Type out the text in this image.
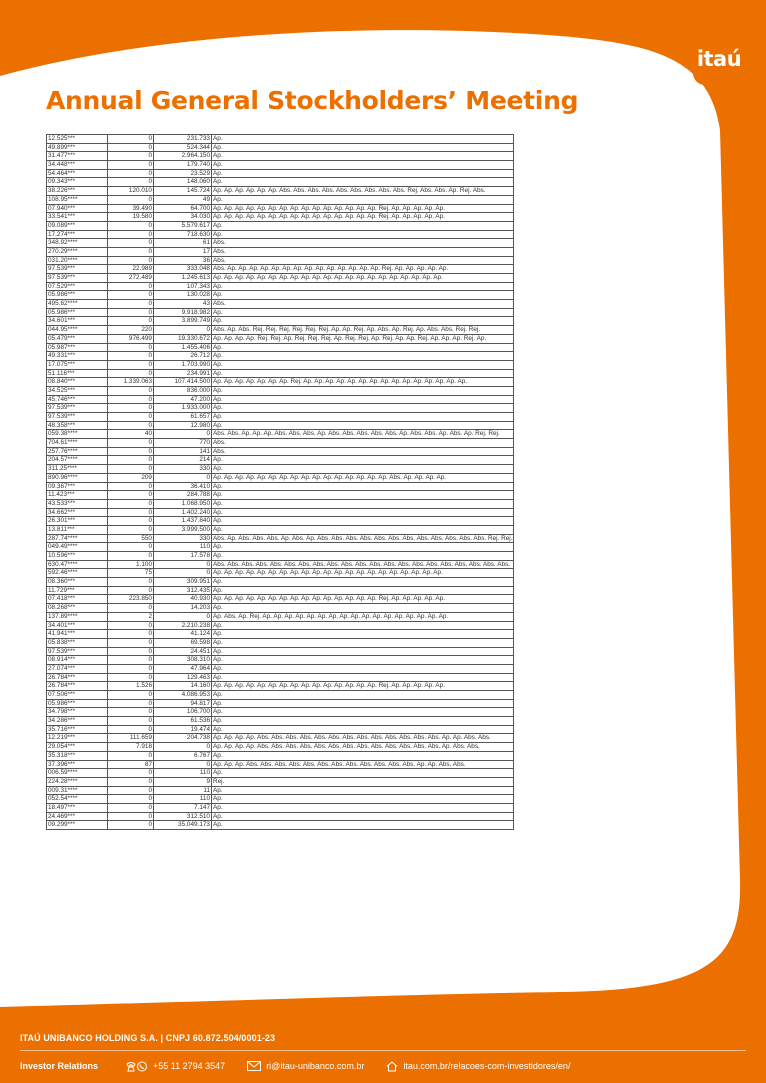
itaú
Annual General Stockholders’ Meeting
12.525***	0	231.733	Ap.
49.899***	0	524.344	Ap.
31.477***	0	2.964.150	Ap.
34.448***	0	179.740	Ap.
54.464***	0	23.529	Ap.
09.343***	0	148.060	Ap.
38.226***	120.010	145.724	Ap. Ap. Ap. Ap. Ap. Ap. Abs. Abs. Abs. Abs. Abs. Abs. Abs. Abs. Abs. Rej. Abs. Abs. Ap. Rej. Abs.
108.95****	0	49	Ap.
07.940***	39.490	64.700	Ap. Ap. Ap. Ap. Ap. Ap. Ap. Ap. Ap. Ap. Ap. Ap. Ap. Ap. Ap. Rej. Ap. Ap. Ap. Ap. Ap.
33.541***	19.580	34.030	Ap. Ap. Ap. Ap. Ap. Ap. Ap. Ap. Ap. Ap. Ap. Ap. Ap. Ap. Ap. Rej. Ap. Ap. Ap. Ap. Ap.
09.089***	0	5.579.617	Ap.
17.274***	0	718.630	Ap.
348.92****	0	61	Abs.
270.29****	0	17	Abs.
031.20****	0	36	Abs.
97.539***	22.989	333.048	Abs. Ap. Ap. Ap. Ap. Ap. Ap. Ap. Ap. Ap. Ap. Ap. Ap. Ap. Ap. Rej. Ap. Ap. Ap. Ap. Ap.
97.539***	272.489	1.245.613	Ap. Ap. Ap. Ap. Ap. Ap. Ap. Ap. Ap. Ap. Ap. Ap. Ap. Ap. Ap. Ap. Ap. Ap. Ap. Ap. Ap.
07.529***	0	107.343	Ap.
05.986***	0	130.028	Ap.
495.62****	0	43	Abs.
05.986***	0	9.918.982	Ap.
34.601***	0	3.899.749	Ap.
044.95****	220	0	Abs. Ap. Abs. Rej. Rej. Rej. Rej. Rej. Rej. Ap. Ap. Rej. Ap. Abs. Ap. Rej. Ap. Abs. Abs. Rej. Rej.
05.479***	976.499	19.330.672	Ap. Ap. Ap. Ap. Rej. Rej. Ap. Rej. Rej. Rej. Ap. Rej. Rej. Ap. Rej. Ap. Ap. Rej. Ap. Ap. Ap. Rej. Ap.
05.987***	0	1.455.406	Ap.
49.331***	0	26.712	Ap.
17.075***	0	1.703.990	Ap.
51.116***	0	234.991	Ap.
08.840***	1.339.063	107.414.500	Ap. Ap. Ap. Ap. Ap. Ap. Ap. Rej. Ap. Ap. Ap. Ap. Ap. Ap. Ap. Ap. Ap. Ap. Ap. Ap. Ap. Ap. Ap.
34.525***	0	836.000	Ap.
45.746***	0	47.200	Ap.
97.539***	0	1.933.000	Ap.
97.539***	0	61.657	Ap.
48.358***	0	12.980	Ap.
059.38****	40	0	Abs. Abs. Ap. Ap. Ap. Abs. Abs. Abs. Ap. Abs. Abs. Abs. Abs. Abs. Ap. Abs. Abs. Ap. Abs. Ap. Rej. Rej.
704.61****	0	770	Abs.
257.76****	0	141	Abs.
204.57****	0	214	Ap.
311.25****	0	330	Ap.
890.96****	209	0	Ap. Ap. Ap. Ap. Ap. Ap. Ap. Ap. Ap. Ap. Ap. Ap. Ap. Ap. Ap. Ap. Abs. Ap. Ap. Ap. Ap.
09.367***	0	36.410	Ap.
11.423***	0	284.788	Ap.
43.533***	0	1.068.950	Ap.
34.662***	0	1.402.240	Ap.
26.301***	0	1.437.840	Ap.
13.811***	0	3.999.500	Ap.
287.74****	550	330	Abs. Ap. Abs. Abs. Abs. Ap. Abs. Ap. Abs. Abs. Abs. Abs. Abs. Abs. Abs. Abs. Abs. Abs. Abs. Abs. Rej. Rej.
049.49****	0	110	Ap.
10.596***	0	17.578	Ap.
630.47****	1.100	0	Abs. Abs. Abs. Abs. Abs. Abs. Abs. Abs. Abs. Abs. Abs. Abs. Abs. Abs. Abs. Abs. Abs. Abs. Abs. Abs. Abs.
592.46****	75	0	Ap. Ap. Ap. Ap. Ap. Ap. Ap. Ap. Ap. Ap. Ap. Ap. Ap. Ap. Ap. Ap. Ap. Ap. Ap. Ap. Ap.
08.360***	0	309.951	Ap.
11.729***	0	312.435	Ap.
07.418***	223.850	40.930	Ap. Ap. Ap. Ap. Ap. Ap. Ap. Ap. Ap. Ap. Ap. Ap. Ap. Ap. Ap. Rej. Ap. Ap. Ap. Ap. Ap.
08.268***	0	14.203	Ap.
137.89****	2	0	Ap. Abs. Ap. Rej. Ap. Ap. Ap. Ap. Ap. Ap. Ap. Ap. Ap. Ap. Ap. Ap. Ap. Ap. Ap. Ap. Ap.
34.401***	0	2.210.238	Ap.
41.941***	0	41.124	Ap.
05.838***	0	69.598	Ap.
97.539***	0	24.451	Ap.
08.914***	0	308.310	Ap.
27.074***	0	47.964	Ap.
26.784***	0	129.463	Ap.
26.784***	1.526	14.160	Ap. Ap. Ap. Ap. Ap. Ap. Ap. Ap. Ap. Ap. Ap. Ap. Ap. Ap. Ap. Rej. Ap. Ap. Ap. Ap. Ap.
07.506***	0	4.086.953	Ap.
05.986***	0	94.817	Ap.
34.798***	0	106.700	Ap.
34.286***	0	61.536	Ap.
35.716***	0	19.474	Ap.
12.219***	111.659	204.738	Ap. Ap. Ap. Ap. Abs. Abs. Abs. Abs. Abs. Abs. Abs. Abs. Abs. Abs. Abs. Abs. Abs. Ap. Ap. Abs. Abs.
29.054***	7.918	0	Ap. Ap. Ap. Ap. Abs. Abs. Abs. Abs. Abs. Abs. Abs. Abs. Abs. Abs. Abs. Abs. Abs. Ap. Abs. Abs.
35.318***	0	6.767	Ap.
37.396***	87	0	Ap. Ap. Ap. Abs. Abs. Abs. Abs. Abs. Abs. Abs. Abs. Abs. Abs. Abs. Abs. Ap. Ap. Abs. Abs.
006.59****	0	110	Ap.
224.28****	0	9	Rej.
009.31****	0	11	Ap.
052.54****	0	110	Ap.
18.497***	0	7.147	Ap.
24.469***	0	312.510	Ap.
09.299***	0	35.049.173	Ap.
ITAÚ UNIBANCO HOLDING S.A. | CNPJ 60.872.504/0001-23
Investor Relations	+55 11 2794 3547	ri@itau-unibanco.com.br	itau.com.br/relacoes-com-investidores/en/
